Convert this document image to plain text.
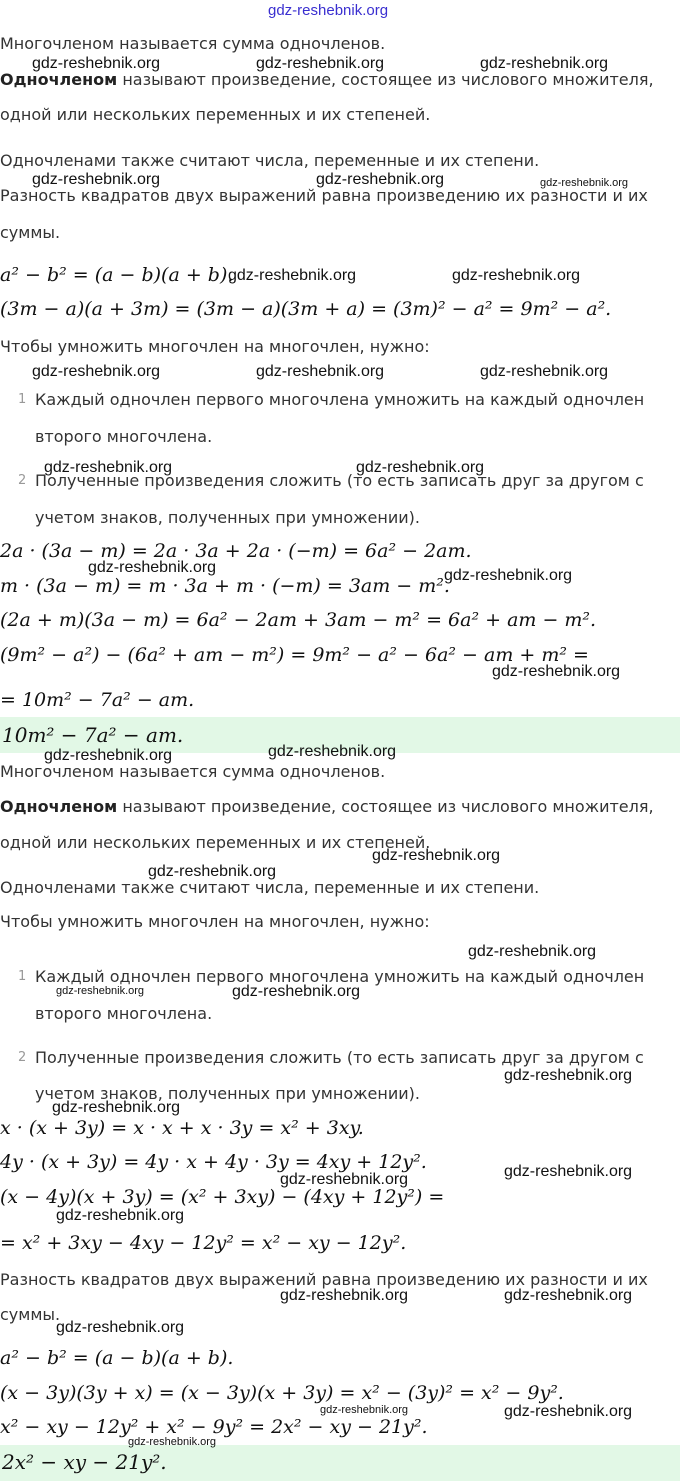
gdz-reshebnik.org
Многочленом называется сумма одночленов.
Одночленом называют произведение, состоящее из числового множителя,
одной или нескольких переменных и их степеней.
Одночленами также считают числа, переменные и их степени.
Разность квадратов двух выражений равна произведению их разности и их
суммы.
a² − b² = (a − b)(a + b).
(3m − a)(a + 3m) = (3m − a)(3m + a) = (3m)² − a² = 9m² − a².
Чтобы умножить многочлен на многочлен, нужно:
1 Каждый одночлен первого многочлена умножить на каждый одночлен
второго многочлена.
2 Полученные произведения сложить (то есть записать друг за другом с
учетом знаков, полученных при умножении).
2a · (3a − m) = 2a · 3a + 2a · (−m) = 6a² − 2am.
m · (3a − m) = m · 3a + m · (−m) = 3am − m².
(2a + m)(3a − m) = 6a² − 2am + 3am − m² = 6a² + am − m².
(9m² − a²) − (6a² + am − m²) = 9m² − a² − 6a² − am + m² =
= 10m² − 7a² − am.
10m² − 7a² − am.
Многочленом называется сумма одночленов.
Одночленом называют произведение, состоящее из числового множителя,
одной или нескольких переменных и их степеней.
Одночленами также считают числа, переменные и их степени.
Чтобы умножить многочлен на многочлен, нужно:
1 Каждый одночлен первого многочлена умножить на каждый одночлен
второго многочлена.
2 Полученные произведения сложить (то есть записать друг за другом с
учетом знаков, полученных при умножении).
x · (x + 3y) = x · x + x · 3y = x² + 3xy.
4y · (x + 3y) = 4y · x + 4y · 3y = 4xy + 12y².
(x − 4y)(x + 3y) = (x² + 3xy) − (4xy + 12y²) =
= x² + 3xy − 4xy − 12y² = x² − xy − 12y².
Разность квадратов двух выражений равна произведению их разности и их
суммы.
a² − b² = (a − b)(a + b).
(x − 3y)(3y + x) = (x − 3y)(x + 3y) = x² − (3y)² = x² − 9y².
x² − xy − 12y² + x² − 9y² = 2x² − xy − 21y².
2x² − xy − 21y².
gdz-reshebnik.org	gdz-reshebnik.org	gdz-reshebnik.org
gdz-reshebnik.org	gdz-reshebnik.org	gdz-reshebnik.org
gdz-reshebnik.org	gdz-reshebnik.org
gdz-reshebnik.org	gdz-reshebnik.org	gdz-reshebnik.org
gdz-reshebnik.org	gdz-reshebnik.org
gdz-reshebnik.org	gdz-reshebnik.org
gdz-reshebnik.org
gdz-reshebnik.org	gdz-reshebnik.org
gdz-reshebnik.org
gdz-reshebnik.org
gdz-reshebnik.org
gdz-reshebnik.org	gdz-reshebnik.org
gdz-reshebnik.org
gdz-reshebnik.org
gdz-reshebnik.org
gdz-reshebnik.org
gdz-reshebnik.org
gdz-reshebnik.org	gdz-reshebnik.org
gdz-reshebnik.org
gdz-reshebnik.org	gdz-reshebnik.org
gdz-reshebnik.org
